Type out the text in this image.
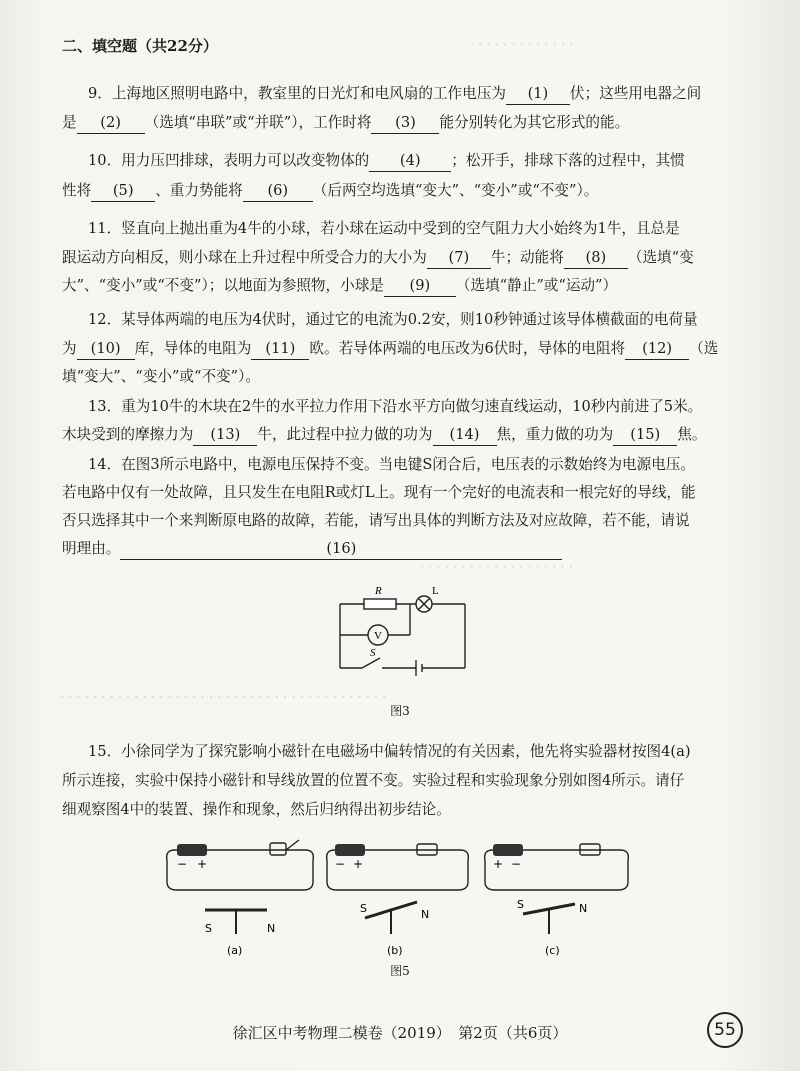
· · · · · · · · · · · · ·
· · · · · · · · · · · · · · · · · · ·
· · · · · · · · · · · · · · · · · · · · · · · · · · · · · · · · · · · · · · · ·
二、填空题（共22分）
9．上海地区照明电路中，教室里的日光灯和电风扇的工作电压为 (1) 伏；这些用电器之间
是 (2) （选填“串联”或“并联”），工作时将 (3) 能分别转化为其它形式的能。
10．用力压凹排球，表明力可以改变物体的 (4) ；松开手，排球下落的过程中，其惯
性将 (5) 、重力势能将 (6) （后两空均选填“变大”、“变小”或“不变”）。
11．竖直向上抛出重为4牛的小球，若小球在运动中受到的空气阻力大小始终为1牛，且总是
跟运动方向相反，则小球在上升过程中所受合力的大小为 (7) 牛；动能将 (8) （选填“变
大”、“变小”或“不变”）；以地面为参照物，小球是 (9) （选填“静止”或“运动”）
12．某导体两端的电压为4伏时，通过它的电流为0.2安，则10秒钟通过该导体横截面的电荷量
为 (10) 库，导体的电阻为 (11) 欧。若导体两端的电压改为6伏时，导体的电阻将 (12) （选
填“变大”、“变小”或“不变”）。
13．重为10牛的木块在2牛的水平拉力作用下沿水平方向做匀速直线运动，10秒内前进了5米。
木块受到的摩擦力为 (13) 牛，此过程中拉力做的功为 (14) 焦，重力做的功为 (15) 焦。
14．在图3所示电路中，电源电压保持不变。当电键S闭合后，电压表的示数始终为电源电压。
若电路中仅有一处故障，且只发生在电阻R或灯L上。现有一个完好的电流表和一根完好的导线，能
否只选择其中一个来判断原电路的故障，若能，请写出具体的判断方法及对应故障，若不能，请说
明理由。	(16)
R	L
V
S
图3
15．小徐同学为了探究影响小磁针在电磁场中偏转情况的有关因素，他先将实验器材按图4(a)
所示连接，实验中保持小磁针和导线放置的位置不变。实验过程和实验现象分别如图4所示。请仔
细观察图4中的装置、操作和现象，然后归纳得出初步结论。
− +
S	N
(a)
− +
S	N
(b)
+ −
S	N
(c)
图5
徐汇区中考物理二模卷（2019）　第2页（共6页）	55
